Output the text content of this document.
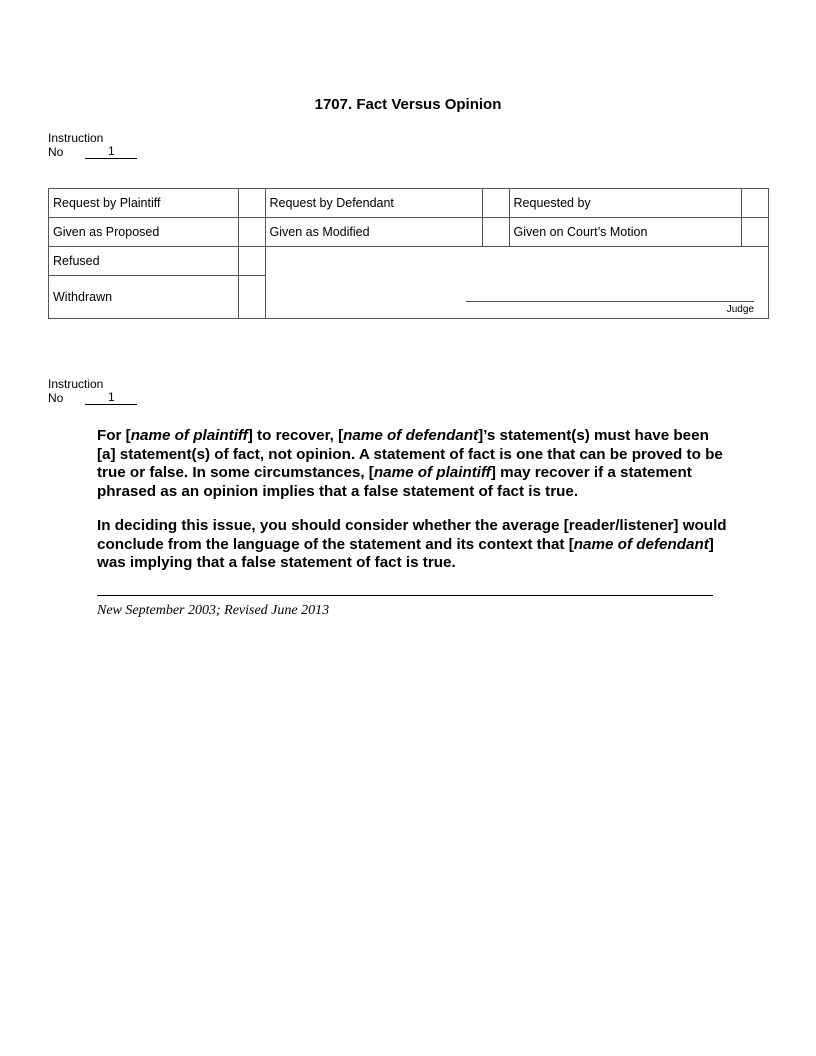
1707. Fact Versus Opinion
Instruction
No	1
Request by Plaintiff		Request by Defendant		Requested by	
Given as Proposed		Given as Modified		Given on Court’s Motion	
Refused		Judge			

Withdrawn					
Instruction
No	1

For [name of plaintiff] to recover, [name of defendant]’s statement(s) must have been [a] statement(s) of fact, not opinion. A statement of fact is one that can be proved to be true or false. In some circumstances, [name of plaintiff] may recover if a statement phrased as an opinion implies that a false statement of fact is true.

In deciding this issue, you should consider whether the average [reader/listener] would conclude from the language of the statement and its context that [name of defendant] was implying that a false statement of fact is true.

New September 2003; Revised June 2013
